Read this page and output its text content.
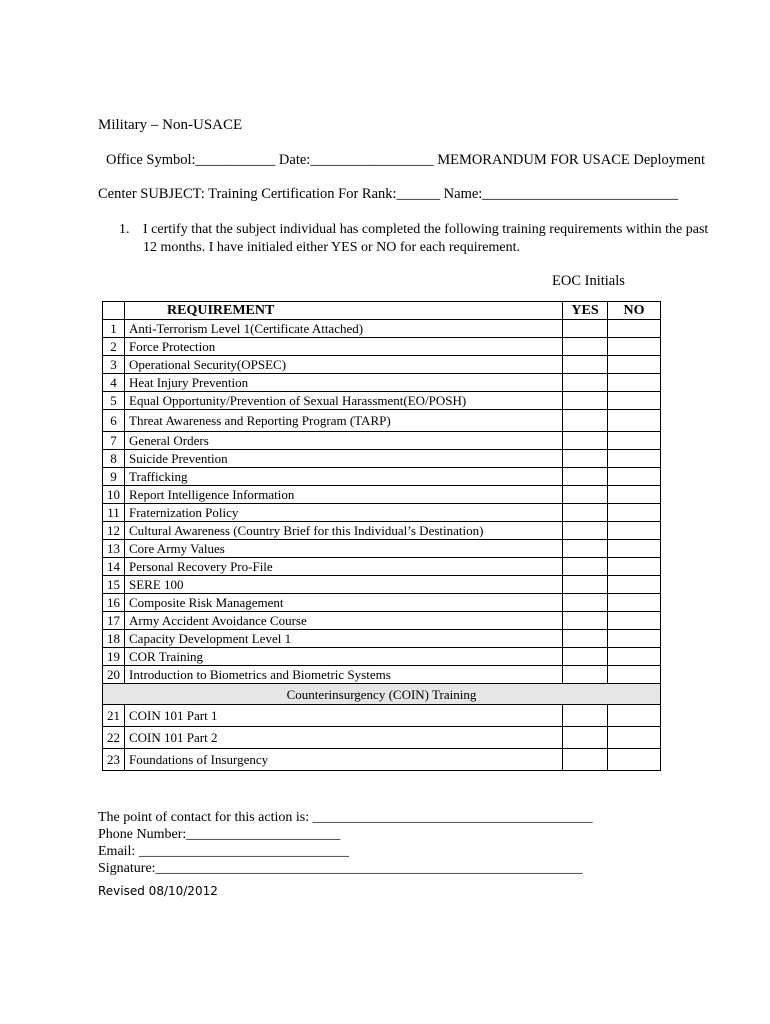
Military – Non-USACE
Office Symbol:___________ Date:_________________ MEMORANDUM FOR USACE Deployment
Center SUBJECT: Training Certification For Rank:______ Name:___________________________
1. I certify that the subject individual has completed the following training requirements within the past 12 months. I have initialed either YES or NO for each requirement.
EOC Initials
	REQUIREMENT	YES	NO
1	Anti-Terrorism Level 1(Certificate Attached)		
2	Force Protection		
3	Operational Security(OPSEC)		
4	Heat Injury Prevention		
5	Equal Opportunity/Prevention of Sexual Harassment(EO/POSH)		
6	Threat Awareness and Reporting Program (TARP)		
7	General Orders		
8	Suicide Prevention		
9	Trafficking		
10	Report Intelligence Information		
11	Fraternization Policy		
12	Cultural Awareness (Country Brief for this Individual’s Destination)		
13	Core Army Values		
14	Personal Recovery Pro-File		
15	SERE 100		
16	Composite Risk Management		
17	Army Accident Avoidance Course		
18	Capacity Development Level 1		
19	COR Training		
20	Introduction to Biometrics and Biometric Systems		
Counterinsurgency (COIN) Training			
21	COIN 101 Part 1		
22	COIN 101 Part 2		
23	Foundations of Insurgency		
The point of contact for this action is: ________________________________________
Phone Number:______________________
Email: ______________________________
Signature:_____________________________________________________________
Revised 08/10/2012
